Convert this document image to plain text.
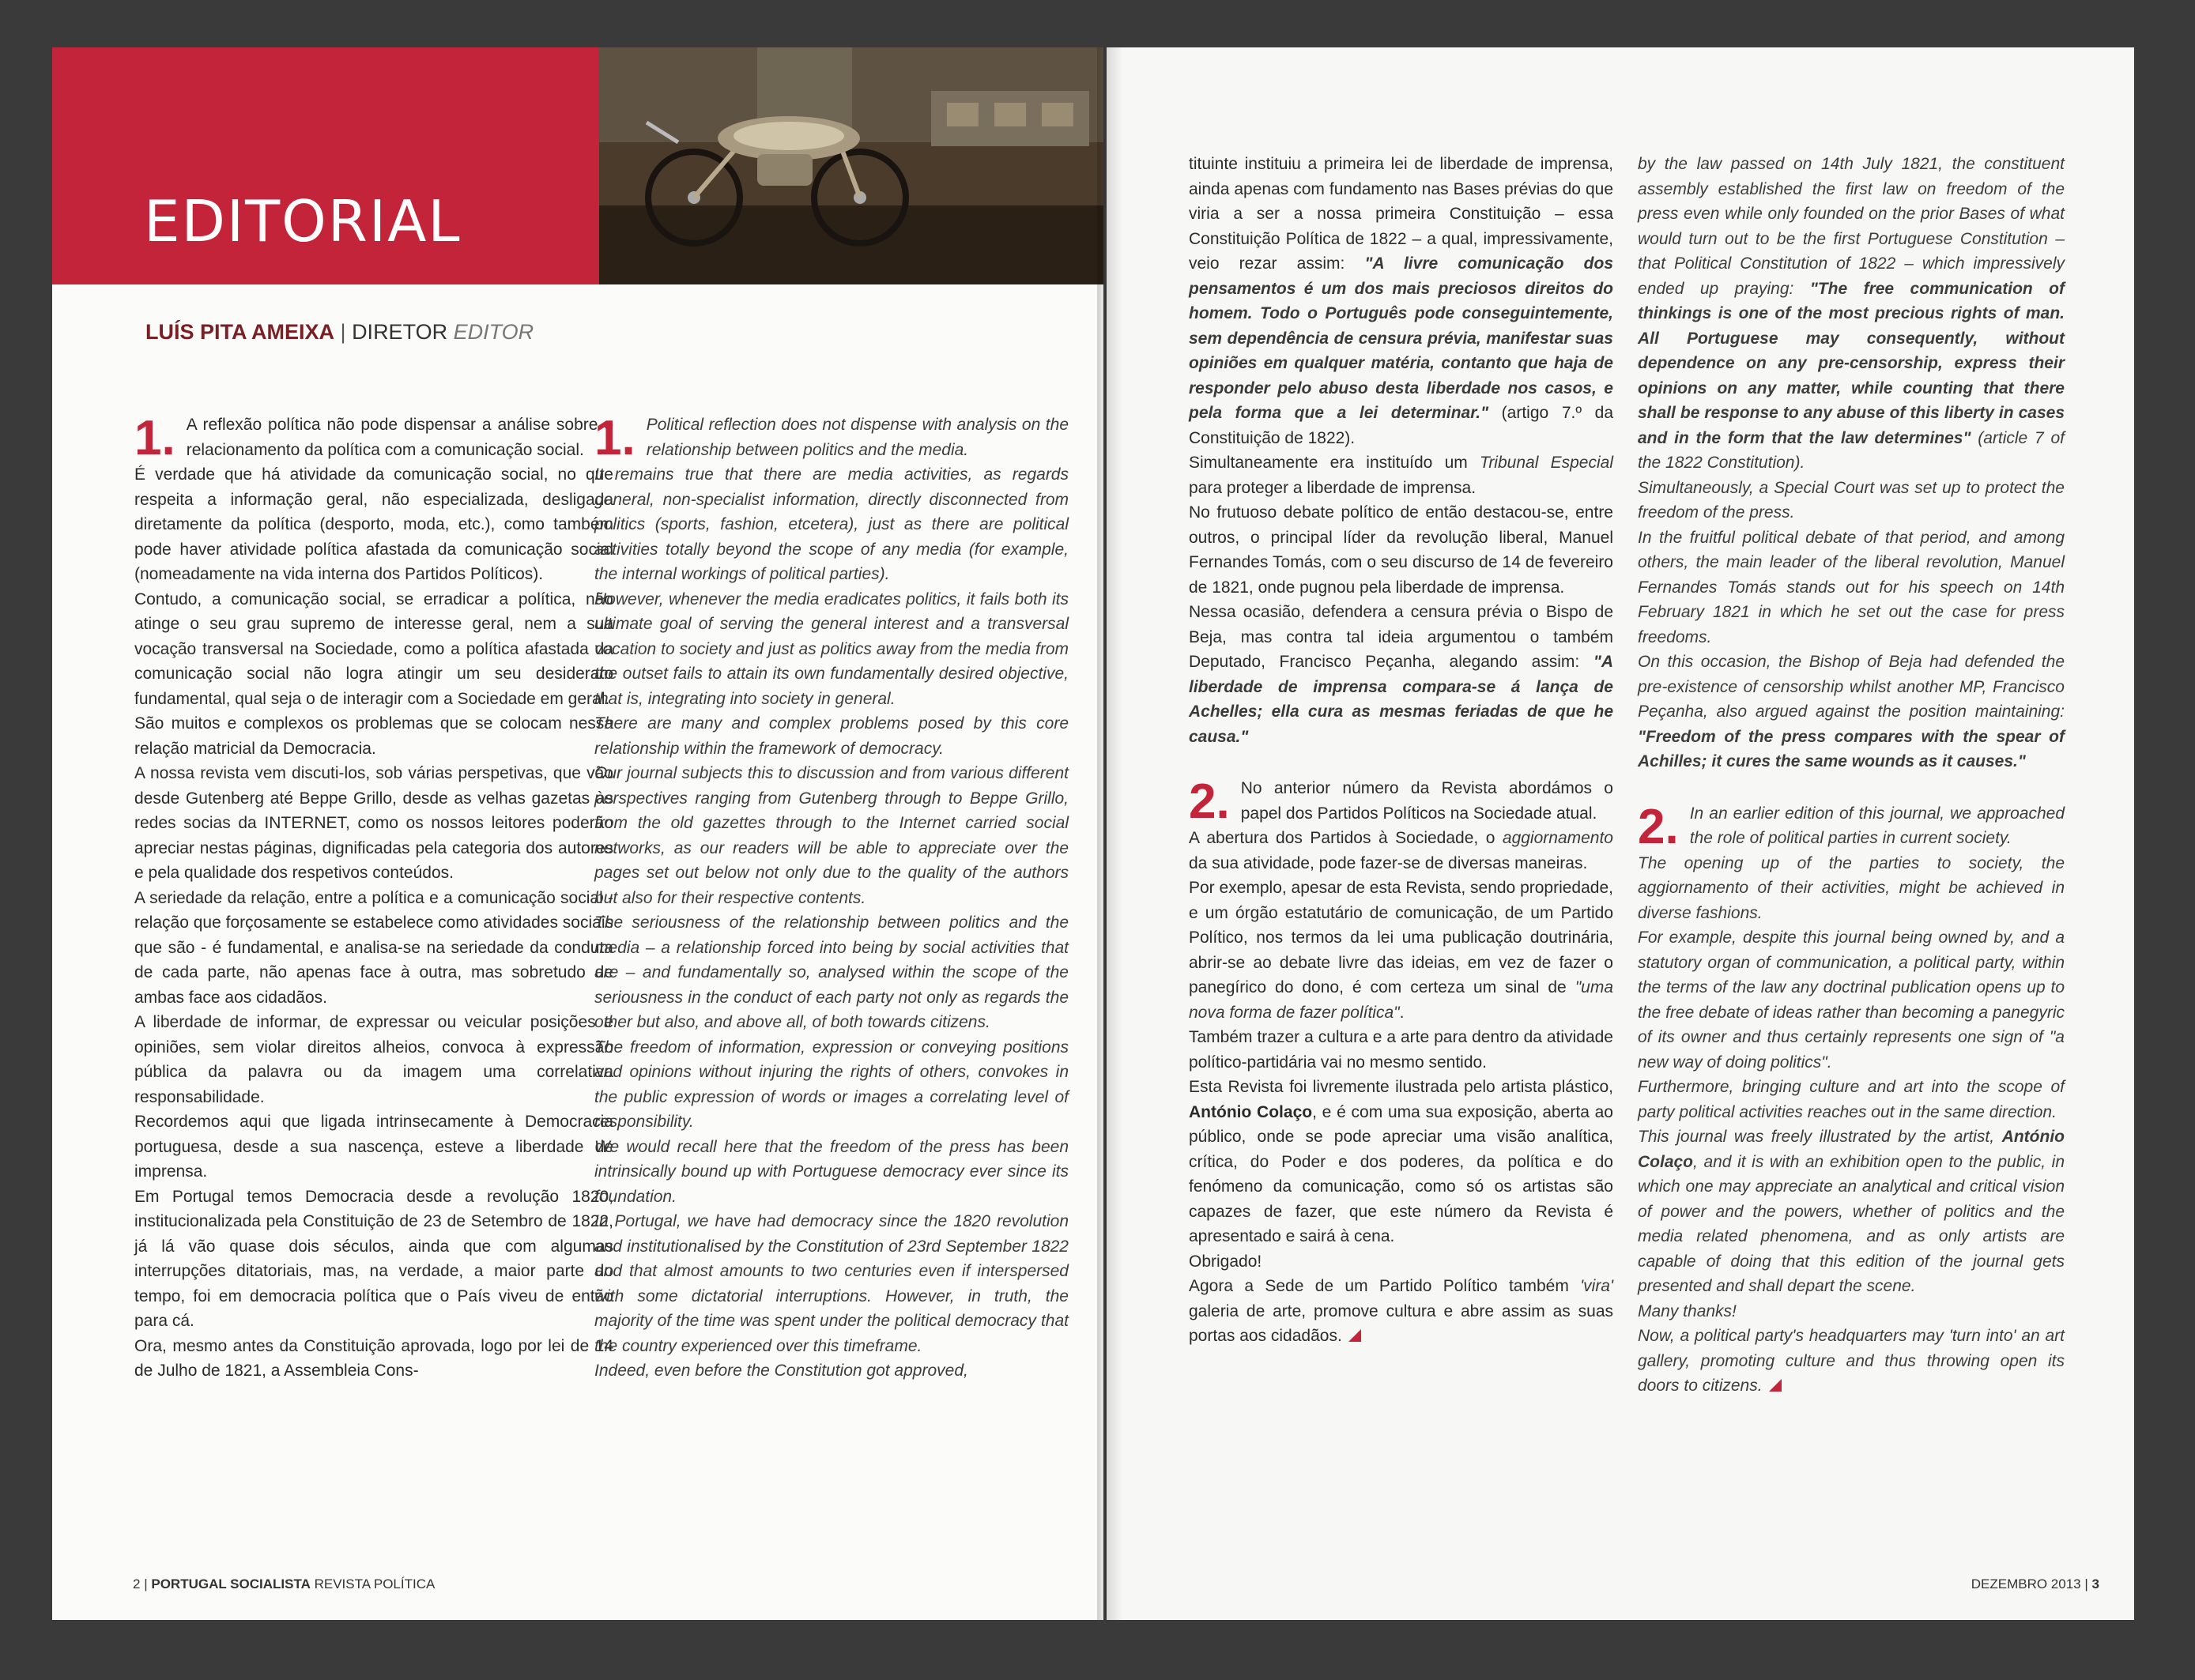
EDITORIAL
LUÍS PITA AMEIXA | DIRETOR EDITOR

1. A reflexão política não pode dispensar a análise sobre o relacionamento da política com a comunicação social.

É verdade que há atividade da comunicação social, no que respeita a informação geral, não especializada, desligada diretamente da política (desporto, moda, etc.), como também pode haver atividade política afastada da comunicação social (nomeadamente na vida interna dos Partidos Políticos).

Contudo, a comunicação social, se erradicar a política, não atinge o seu grau supremo de interesse geral, nem a sua vocação transversal na Sociedade, como a política afastada da comunicação social não logra atingir um seu desiderato fundamental, qual seja o de interagir com a Sociedade em geral.

São muitos e complexos os problemas que se colocam nessa relação matricial da Democracia.

A nossa revista vem discuti-los, sob várias perspetivas, que vão desde Gutenberg até Beppe Grillo, desde as velhas gazetas às redes socias da INTERNET, como os nossos leitores poderão apreciar nestas páginas, dignificadas pela categoria dos autores e pela qualidade dos respetivos conteúdos.

A seriedade da relação, entre a política e a comunicação social - relação que forçosamente se estabelece como atividades sociais que são - é fundamental, e analisa-se na seriedade da conduta de cada parte, não apenas face à outra, mas sobretudo de ambas face aos cidadãos.

A liberdade de informar, de expressar ou veicular posições e opiniões, sem violar direitos alheios, convoca à expressão pública da palavra ou da imagem uma correlativa responsabilidade.

Recordemos aqui que ligada intrinsecamente à Democracia portuguesa, desde a sua nascença, esteve a liberdade de imprensa.

Em Portugal temos Democracia desde a revolução 1820, institucionalizada pela Constituição de 23 de Setembro de 1822, já lá vão quase dois séculos, ainda que com algumas interrupções ditatoriais, mas, na verdade, a maior parte do tempo, foi em democracia política que o País viveu de então para cá.

Ora, mesmo antes da Constituição aprovada, logo por lei de 14 de Julho de 1821, a Assembleia Cons-

1. Political reflection does not dispense with analysis on the relationship between politics and the media.

It remains true that there are media activities, as regards general, non-specialist information, directly disconnected from politics (sports, fashion, etcetera), just as there are political activities totally beyond the scope of any media (for example, the internal workings of political parties).

However, whenever the media eradicates politics, it fails both its ultimate goal of serving the general interest and a transversal vocation to society and just as politics away from the media from the outset fails to attain its own fundamentally desired objective, that is, integrating into society in general.

There are many and complex problems posed by this core relationship within the framework of democracy.

Our journal subjects this to discussion and from various different perspectives ranging from Gutenberg through to Beppe Grillo, from the old gazettes through to the Internet carried social networks, as our readers will be able to appreciate over the pages set out below not only due to the quality of the authors but also for their respective contents.

The seriousness of the relationship between politics and the media – a relationship forced into being by social activities that are – and fundamentally so, analysed within the scope of the seriousness in the conduct of each party not only as regards the other but also, and above all, of both towards citizens.

The freedom of information, expression or conveying positions and opinions without injuring the rights of others, convokes in the public expression of words or images a correlating level of responsibility.

We would recall here that the freedom of the press has been intrinsically bound up with Portuguese democracy ever since its foundation.

In Portugal, we have had democracy since the 1820 revolution and institutionalised by the Constitution of 23rd September 1822 and that almost amounts to two centuries even if interspersed with some dictatorial interruptions. However, in truth, the majority of the time was spent under the political democracy that the country experienced over this timeframe.

Indeed, even before the Constitution got approved,

2 | PORTUGAL SOCIALISTA REVISTA POLÍTICA

tituinte instituiu a primeira lei de liberdade de imprensa, ainda apenas com fundamento nas Bases prévias do que viria a ser a nossa primeira Constituição – essa Constituição Política de 1822 – a qual, impressivamente, veio rezar assim: "A livre comunicação dos pensamentos é um dos mais preciosos direitos do homem. Todo o Português pode conseguintemente, sem dependência de censura prévia, manifestar suas opiniões em qualquer matéria, contanto que haja de responder pelo abuso desta liberdade nos casos, e pela forma que a lei determinar." (artigo 7.º da Constituição de 1822).

Simultaneamente era instituído um Tribunal Especial para proteger a liberdade de imprensa.

No frutuoso debate político de então destacou-se, entre outros, o principal líder da revolução liberal, Manuel Fernandes Tomás, com o seu discurso de 14 de fevereiro de 1821, onde pugnou pela liberdade de imprensa.

Nessa ocasião, defendera a censura prévia o Bispo de Beja, mas contra tal ideia argumentou o também Deputado, Francisco Peçanha, alegando assim: "A liberdade de imprensa compara-se á lança de Achelles; ella cura as mesmas feriadas de que he causa."

2. No anterior número da Revista abordámos o papel dos Partidos Políticos na Sociedade atual.

A abertura dos Partidos à Sociedade, o aggiornamento da sua atividade, pode fazer-se de diversas maneiras.

Por exemplo, apesar de esta Revista, sendo propriedade, e um órgão estatutário de comunicação, de um Partido Político, nos termos da lei uma publicação doutrinária, abrir-se ao debate livre das ideias, em vez de fazer o panegírico do dono, é com certeza um sinal de "uma nova forma de fazer política".

Também trazer a cultura e a arte para dentro da atividade político-partidária vai no mesmo sentido.

Esta Revista foi livremente ilustrada pelo artista plástico, António Colaço, e é com uma sua exposição, aberta ao público, onde se pode apreciar uma visão analítica, crítica, do Poder e dos poderes, da política e do fenómeno da comunicação, como só os artistas são capazes de fazer, que este número da Revista é apresentado e sairá à cena.

Obrigado!

Agora a Sede de um Partido Político também 'vira' galeria de arte, promove cultura e abre assim as suas portas aos cidadãos.

by the law passed on 14th July 1821, the constituent assembly established the first law on freedom of the press even while only founded on the prior Bases of what would turn out to be the first Portuguese Constitution – that Political Constitution of 1822 – which impressively ended up praying: "The free communication of thinkings is one of the most precious rights of man. All Portuguese may consequently, without dependence on any pre-censorship, express their opinions on any matter, while counting that there shall be response to any abuse of this liberty in cases and in the form that the law determines" (article 7 of the 1822 Constitution).

Simultaneously, a Special Court was set up to protect the freedom of the press.

In the fruitful political debate of that period, and among others, the main leader of the liberal revolution, Manuel Fernandes Tomás stands out for his speech on 14th February 1821 in which he set out the case for press freedoms.

On this occasion, the Bishop of Beja had defended the pre-existence of censorship whilst another MP, Francisco Peçanha, also argued against the position maintaining: "Freedom of the press compares with the spear of Achilles; it cures the same wounds as it causes."

2. In an earlier edition of this journal, we approached the role of political parties in current society.

The opening up of the parties to society, the aggiornamento of their activities, might be achieved in diverse fashions.

For example, despite this journal being owned by, and a statutory organ of communication, a political party, within the terms of the law any doctrinal publication opens up to the free debate of ideas rather than becoming a panegyric of its owner and thus certainly represents one sign of "a new way of doing politics".

Furthermore, bringing culture and art into the scope of party political activities reaches out in the same direction.

This journal was freely illustrated by the artist, António Colaço, and it is with an exhibition open to the public, in which one may appreciate an analytical and critical vision of power and the powers, whether of politics and the media related phenomena, and as only artists are capable of doing that this edition of the journal gets presented and shall depart the scene.

Many thanks!

Now, a political party's headquarters may 'turn into' an art gallery, promoting culture and thus throwing open its doors to citizens.

DEZEMBRO 2013 | 3
